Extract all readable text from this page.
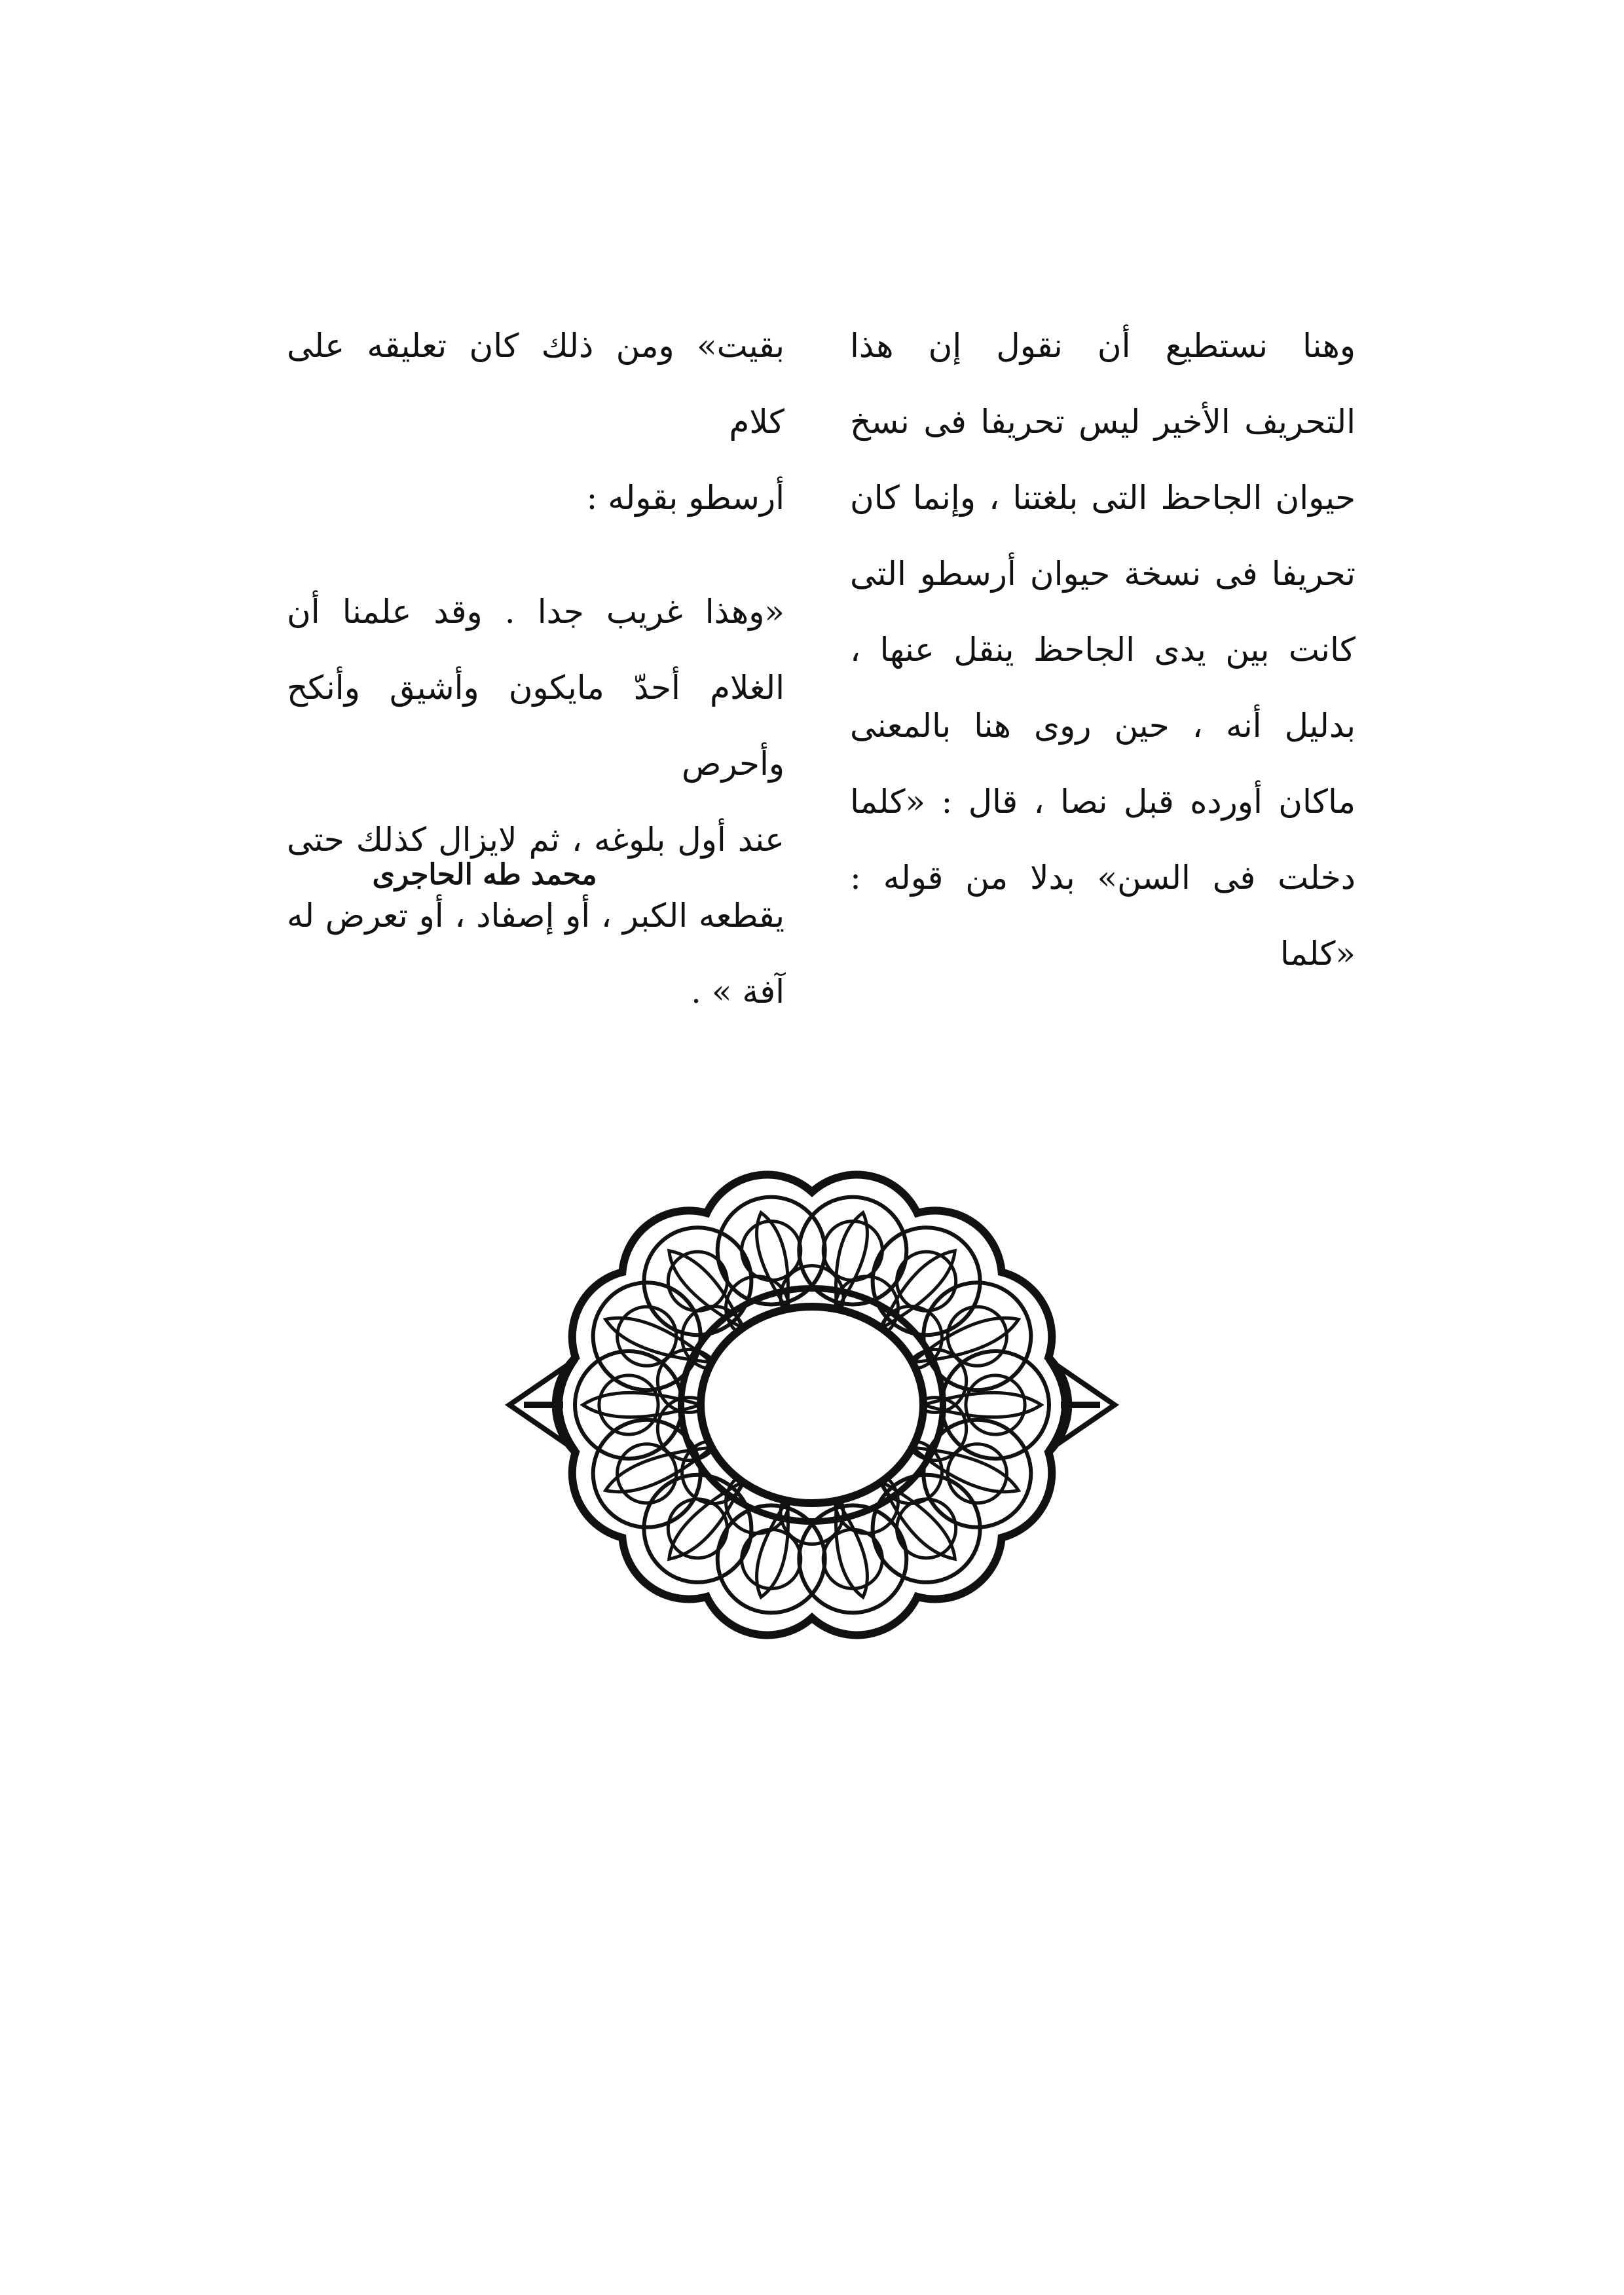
وهنا نستطيع أن نقول إن هذا

التحريف الأخير ليس تحريفا فى نسخ

حيوان الجاحظ التى بلغتنا ، وإنما كان

تحريفا فى نسخة حيوان أرسطو التى

كانت بين يدى الجاحظ ينقل عنها ،

بدليل أنه ، حين روى هنا بالمعنى

ماكان أورده قبل نصا ، قال : «كلما

دخلت فى السن» بدلا من قوله : «كلما

بقيت» ومن ذلك كان تعليقه على كلام

أرسطو بقوله :

«وهذا غريب جدا . وقد علمنا أن

الغلام أحدّ مايكون وأشيق وأنكح وأحرص

عند أول بلوغه ، ثم لايزال كذلك حتى

يقطعه الكبر ، أو إصفاد ، أو تعرض له

آفة » .

محمد طه الحاجرى
